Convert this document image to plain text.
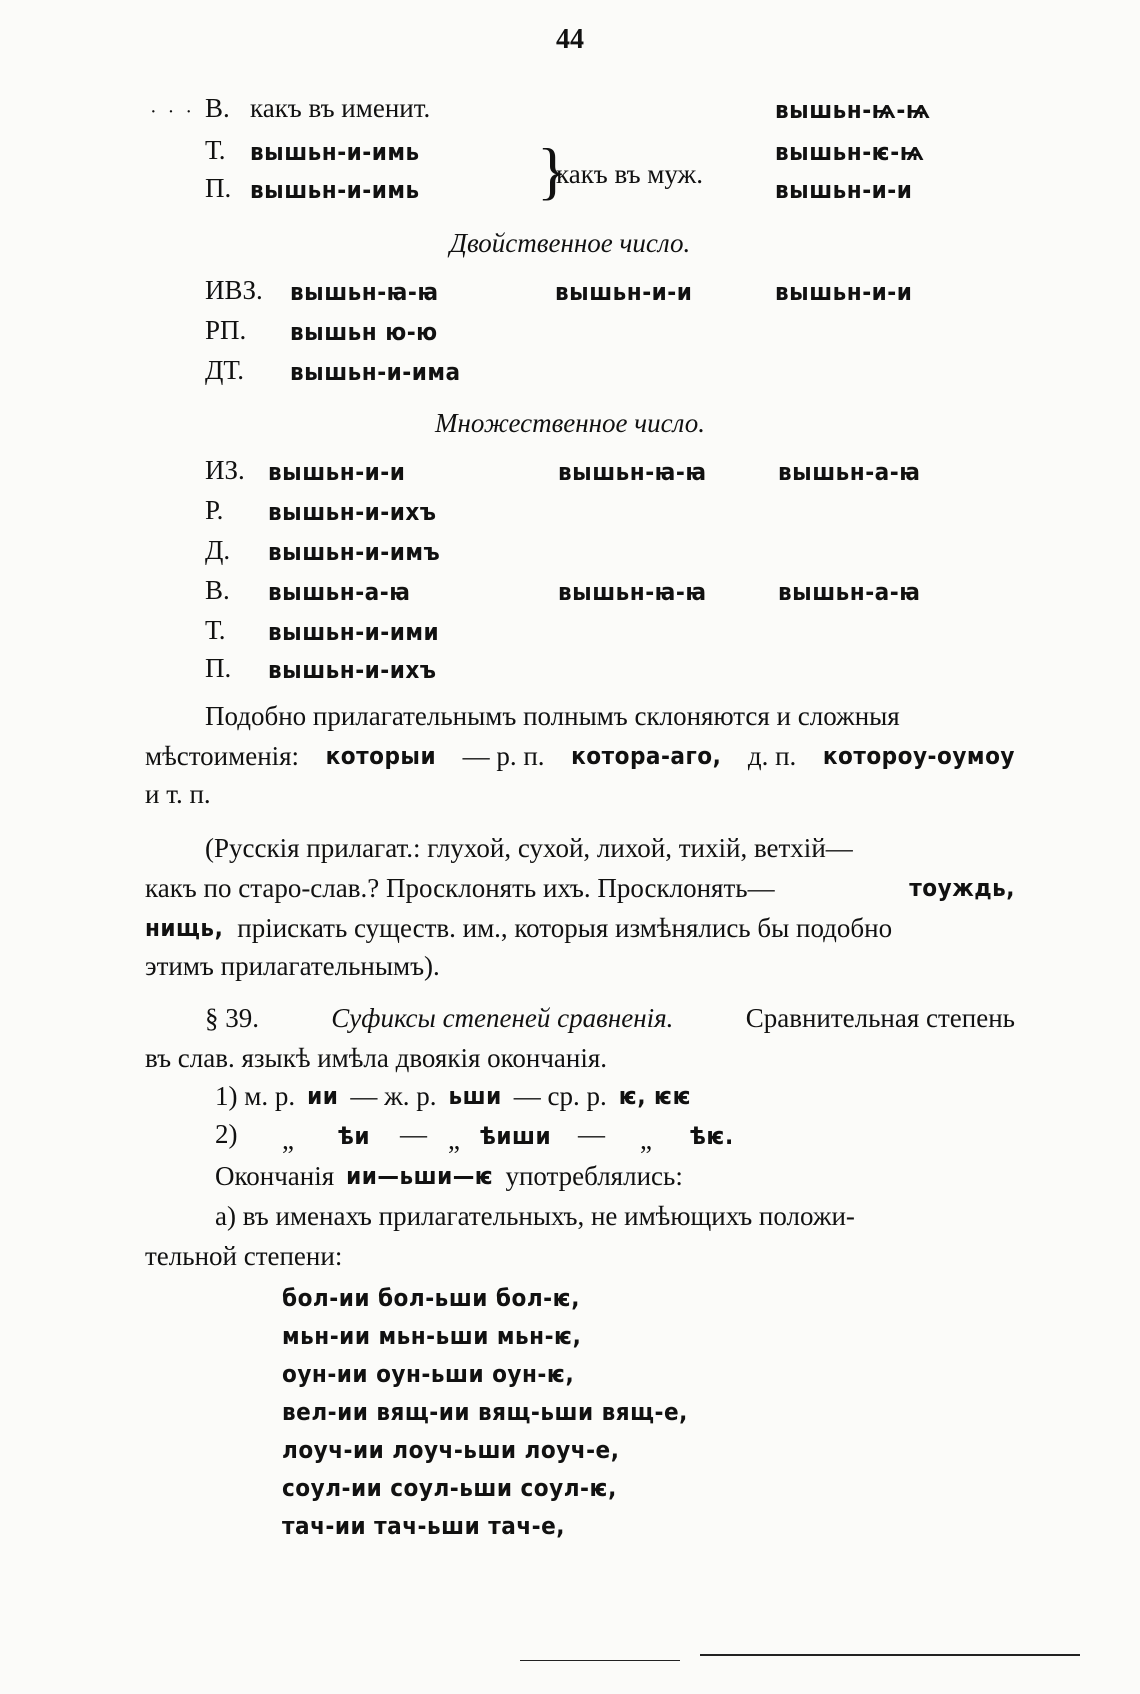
44
· · · В. какъ въ именит.	вышьн-ѩ-ѩ
Т. вышьн-и-имь	вышьн-ѥ-ѩ
П. вышьн-и-имь	вышьн-и-и
}
какъ въ муж.
Двойственное число.
ИВЗ. вышьн-ꙗ-ꙗ	вышьн-и-и	вышьн-и-и
РП. вышьн ю-ю
ДТ. вышьн-и-има
Множественное число.
ИЗ. вышьн-и-и	вышьн-ꙗ-ꙗ	вышьн-а-ꙗ
Р. вышьн-и-ихъ
Д. вышьн-и-имъ
В. вышьн-а-ꙗ	вышьн-ꙗ-ꙗ	вышьн-а-ꙗ
Т. вышьн-и-ими
П. вышьн-и-ихъ
Подобно прилагательнымъ полнымъ склоняются и сложныя
мѣстоименія: которыи — р. п. котора-аго, д. п. котороу-оумоу
и т. п.
(Русскія прилагат.: глухой, сухой, лихой, тихій, ветхій—
какъ по старо-слав.? Просклонять ихъ. Просклонять—	тоуждь,
нищь, пріискать существ. им., которыя измѣнялись бы подобно
этимъ прилагательнымъ).
§ 39.	Суфиксы степеней сравненія.	Сравнительная степень
въ слав. языкѣ имѣла двоякія окончанія.
1) м. р. ии — ж. р. ьши — ср. р. ѥ, ѥѥ
2) „ ѣи — „ ѣиши — „ ѣѥ.
Окончанія ии—ьши—ѥ употреблялись:
а) въ именахъ прилагательныхъ, не имѣющихъ положи-
тельной степени:
бол-ии бол-ьши бол-ѥ,
мьн-ии мьн-ьши мьн-ѥ,
оун-ии оун-ьши оун-ѥ,
вел-ии вящ-ии вящ-ьши вящ-е,
лоуч-ии лоуч-ьши лоуч-е,
соул-ии соул-ьши соул-ѥ,
тач-ии тач-ьши тач-е,
